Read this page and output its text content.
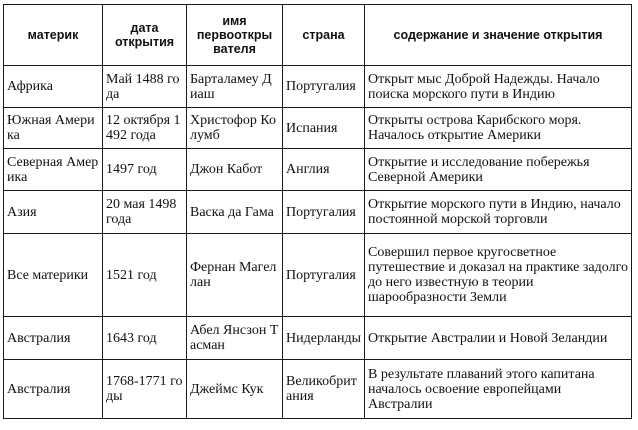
материк	дата открытия	имя первооткры вателя	страна	содержание и значение открытия
Африка	Май 1488 года	Барталамеу Диаш	Португалия	Открыт мыс Доброй Надежды. Начало поиска морского пути в Индию
Южная Америка	12 октября 1492 года	Христофор Колумб	Испания	Открыты острова Карибского моря. Началось открытие Америки
Северная Америка	1497 год	Джон Кабот	Англия	Открытие и исследование побережья Северной Америки
Азия	20 мая 1498 года	Васка да Гама	Португалия	Открытие морского пути в Индию, начало постоянной морской торговли
Все материки	1521 год	Фернан Магеллан	Португалия	Совершил первое кругосветное путешествие и доказал на практике задолго до него известную в теории шарообразности Земли
Австралия	1643 год	Абел Янсзон Тасман	Нидерланды	Открытие Австралии и Новой Зеландии
Австралия	1768-1771 годы	Джеймс Кук	Великобритания	В результате плаваний этого капитана началось освоение европейцами Австралии
